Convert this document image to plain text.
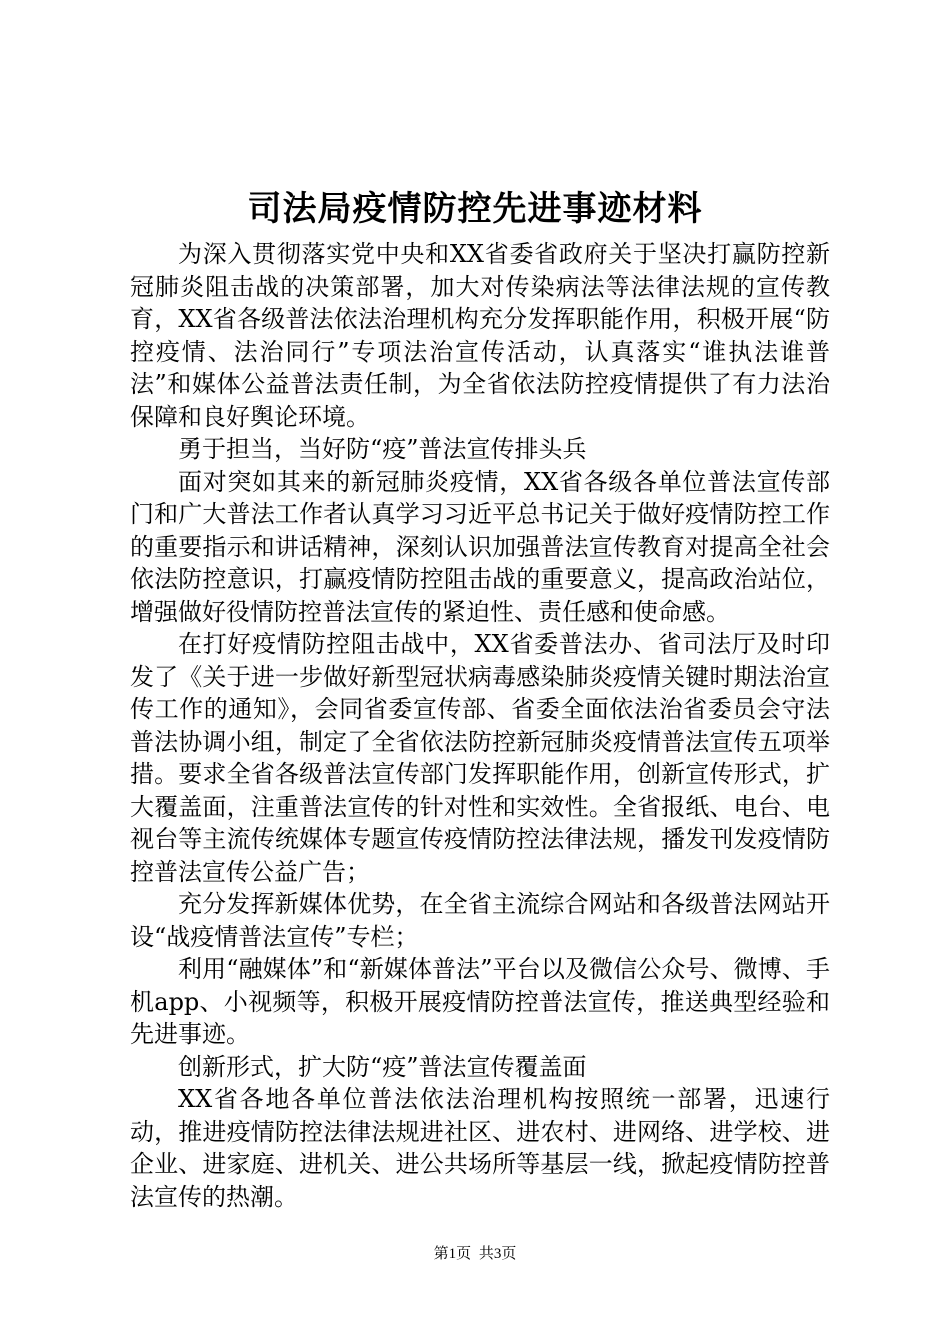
司法局疫情防控先进事迹材料

为深入贯彻落实党中央和XX省委省政府关于坚决打赢防控新冠肺炎阻击战的决策部署，加大对传染病法等法律法规的宣传教育，XX省各级普法依法治理机构充分发挥职能作用，积极开展“防控疫情、法治同行”专项法治宣传活动，认真落实“谁执法谁普法”和媒体公益普法责任制，为全省依法防控疫情提供了有力法治保障和良好舆论环境。

勇于担当，当好防“疫”普法宣传排头兵

面对突如其来的新冠肺炎疫情，XX省各级各单位普法宣传部门和广大普法工作者认真学习习近平总书记关于做好疫情防控工作的重要指示和讲话精神，深刻认识加强普法宣传教育对提高全社会依法防控意识，打赢疫情防控阻击战的重要意义，提高政治站位，增强做好役情防控普法宣传的紧迫性、责任感和使命感。

在打好疫情防控阻击战中，XX省委普法办、省司法厅及时印发了《关于进一步做好新型冠状病毒感染肺炎疫情关键时期法治宣传工作的通知》，会同省委宣传部、省委全面依法治省委员会守法普法协调小组，制定了全省依法防控新冠肺炎疫情普法宣传五项举措。要求全省各级普法宣传部门发挥职能作用，创新宣传形式，扩大覆盖面，注重普法宣传的针对性和实效性。全省报纸、电台、电视台等主流传统媒体专题宣传疫情防控法律法规，播发刊发疫情防控普法宣传公益广告；

充分发挥新媒体优势，在全省主流综合网站和各级普法网站开设“战疫情普法宣传”专栏；

利用“融媒体”和“新媒体普法”平台以及微信公众号、微博、手机app、小视频等，积极开展疫情防控普法宣传，推送典型经验和先进事迹。

创新形式，扩大防“疫”普法宣传覆盖面

XX省各地各单位普法依法治理机构按照统一部署，迅速行动，推进疫情防控法律法规进社区、进农村、进网络、进学校、进企业、进家庭、进机关、进公共场所等基层一线，掀起疫情防控普法宣传的热潮。

第1页 共3页
